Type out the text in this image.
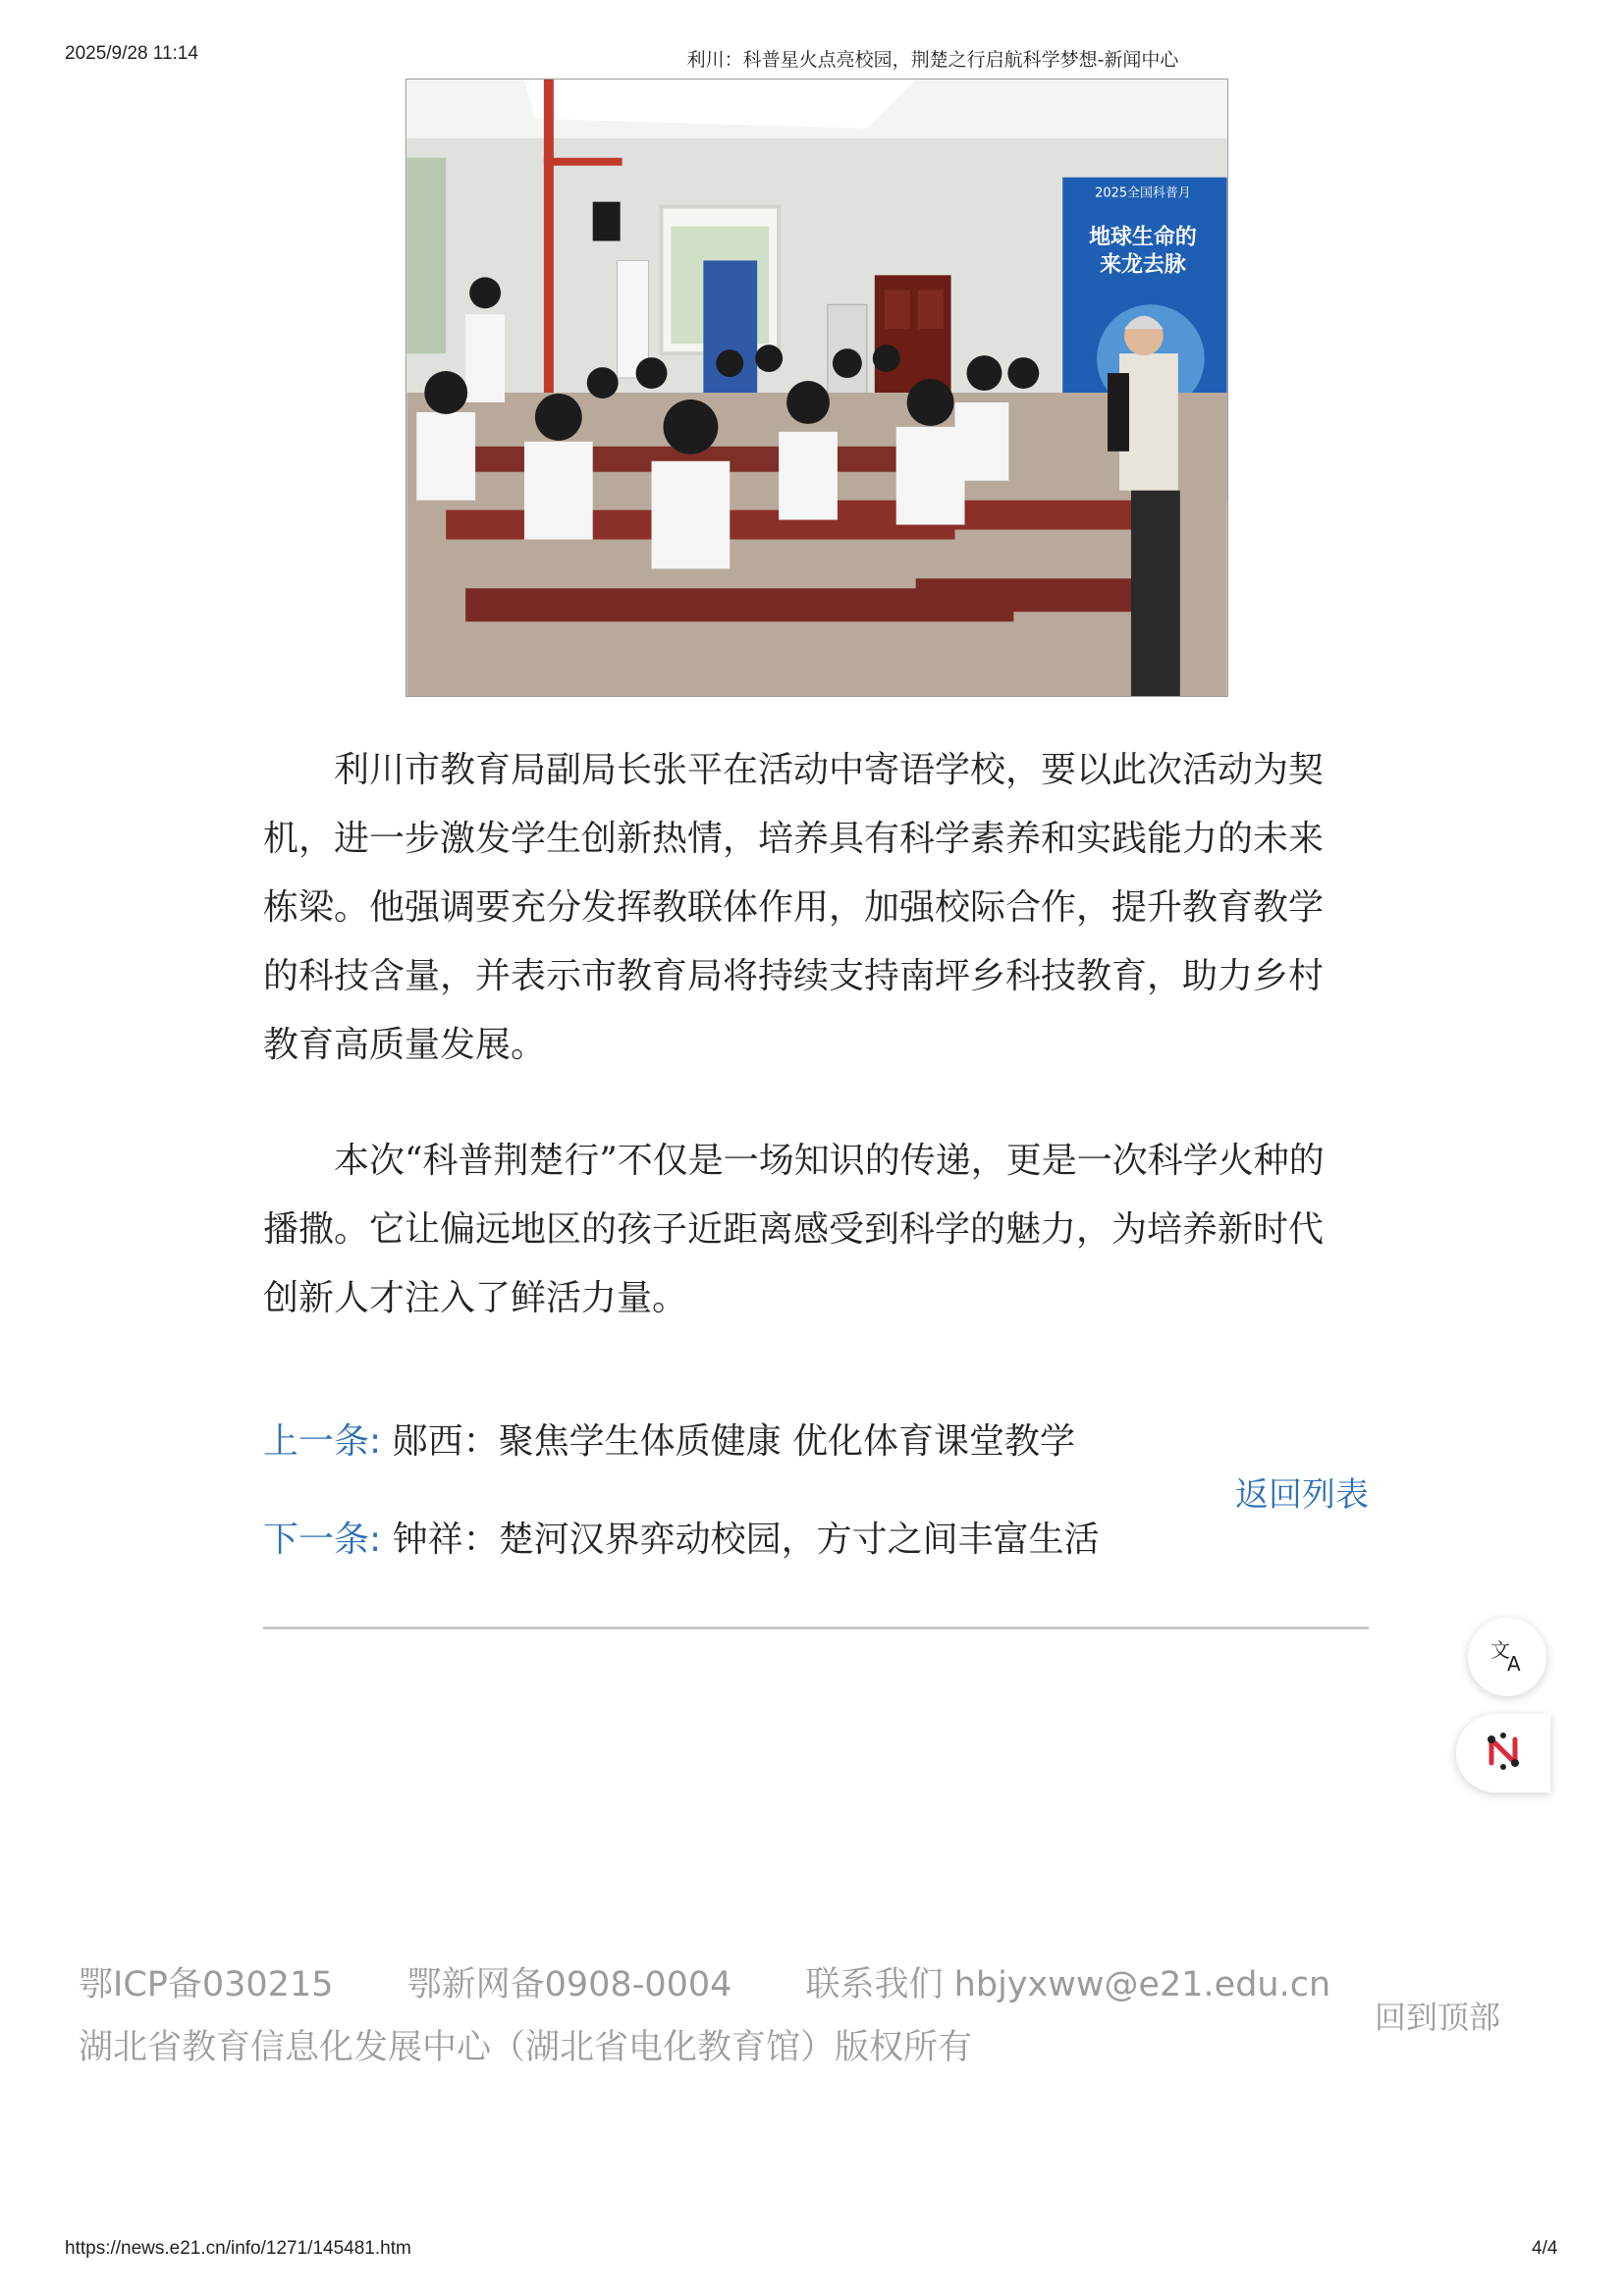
2025/9/28 11:14	利川：科普星火点亮校园，荆楚之行启航科学梦想-新闻中心
2025全国科普月
地球生命的
来龙去脉

利川市教育局副局长张平在活动中寄语学校，要以此次活动为契机，进一步激发学生创新热情，培养具有科学素养和实践能力的未来栋梁。他强调要充分发挥教联体作用，加强校际合作，提升教育教学的科技含量，并表示市教育局将持续支持南坪乡科技教育，助力乡村教育高质量发展。

本次“科普荆楚行”不仅是一场知识的传递，更是一次科学火种的播撒。它让偏远地区的孩子近距离感受到科学的魅力，为培养新时代创新人才注入了鲜活力量。

上一条: 郧西：聚焦学生体质健康 优化体育课堂教学
下一条: 钟祥：楚河汉界弈动校园，方寸之间丰富生活
返回列表
文
A
鄂ICP备030215 鄂新网备0908-0004 联系我们 hbjyxww@e21.edu.cn
湖北省教育信息化发展中心（湖北省电化教育馆）版权所有
回到顶部
https://news.e21.cn/info/1271/145481.htm	4/4
